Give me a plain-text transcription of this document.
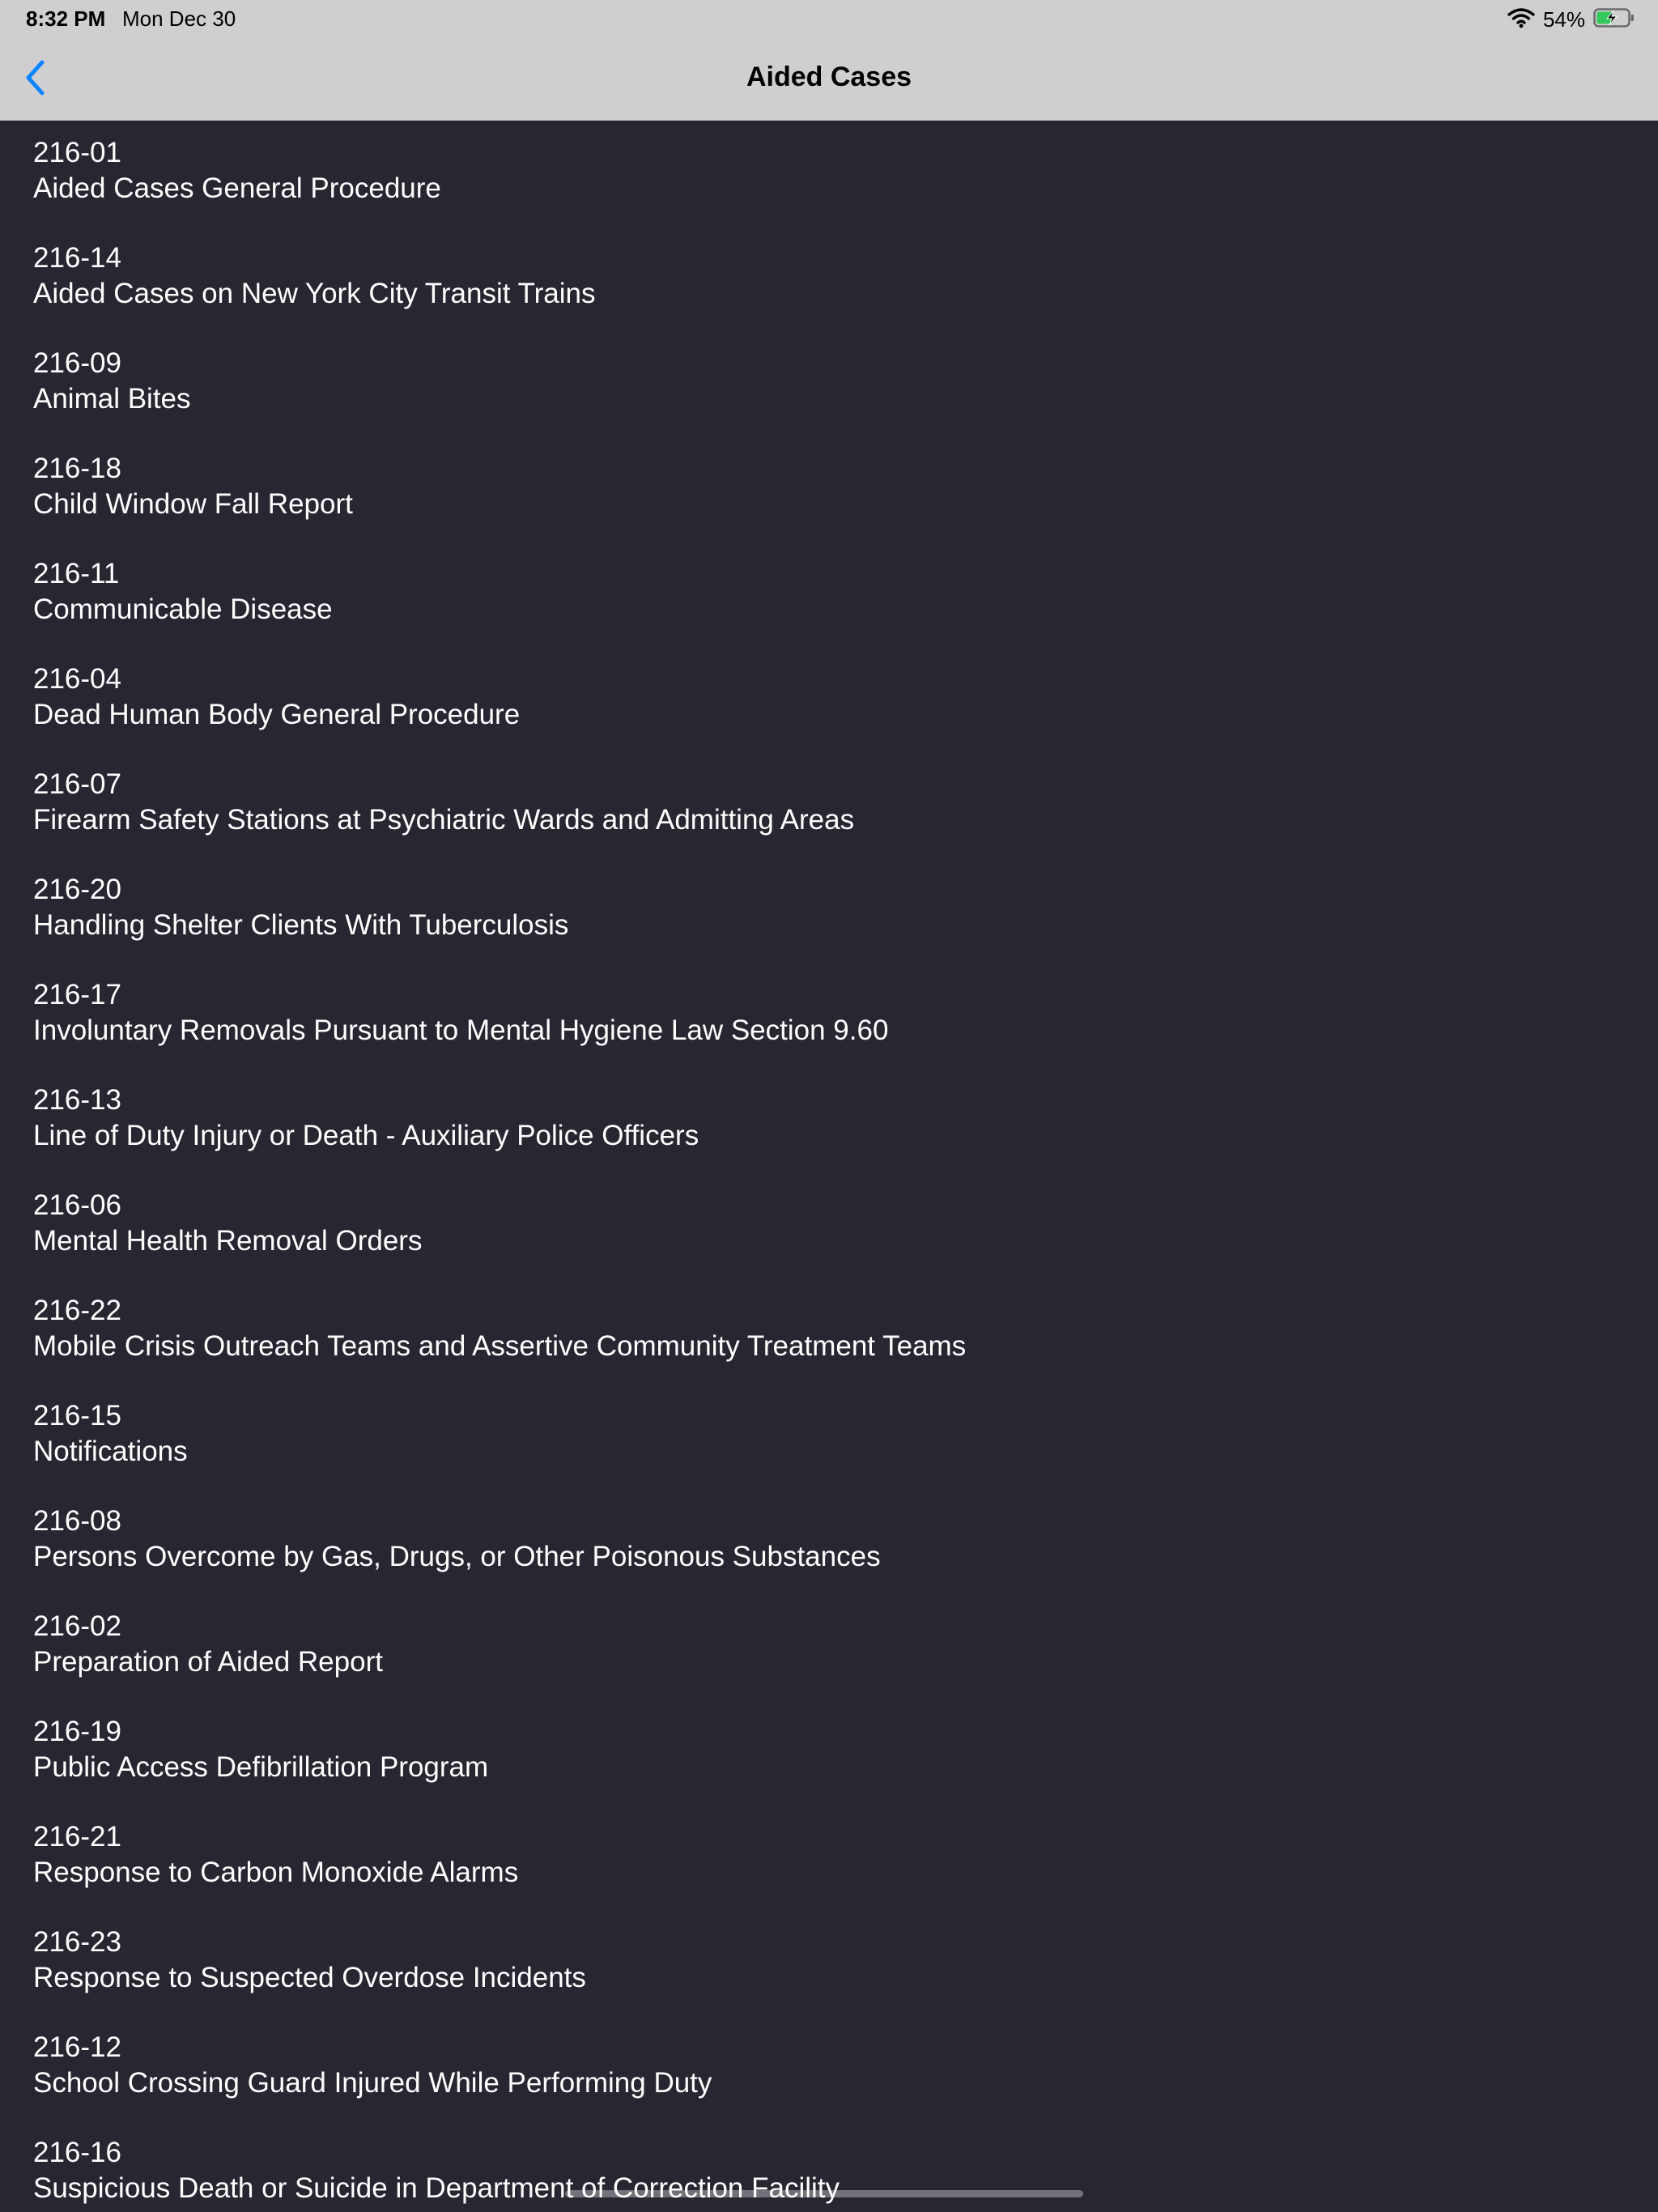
8:32 PM Mon Dec 30	54%
Aided Cases
216-01
Aided Cases General Procedure
216-14
Aided Cases on New York City Transit Trains
216-09
Animal Bites
216-18
Child Window Fall Report
216-11
Communicable Disease
216-04
Dead Human Body General Procedure
216-07
Firearm Safety Stations at Psychiatric Wards and Admitting Areas
216-20
Handling Shelter Clients With Tuberculosis
216-17
Involuntary Removals Pursuant to Mental Hygiene Law Section 9.60
216-13
Line of Duty Injury or Death - Auxiliary Police Officers
216-06
Mental Health Removal Orders
216-22
Mobile Crisis Outreach Teams and Assertive Community Treatment Teams
216-15
Notifications
216-08
Persons Overcome by Gas, Drugs, or Other Poisonous Substances
216-02
Preparation of Aided Report
216-19
Public Access Defibrillation Program
216-21
Response to Carbon Monoxide Alarms
216-23
Response to Suspected Overdose Incidents
216-12
School Crossing Guard Injured While Performing Duty
216-16
Suspicious Death or Suicide in Department of Correction Facility
